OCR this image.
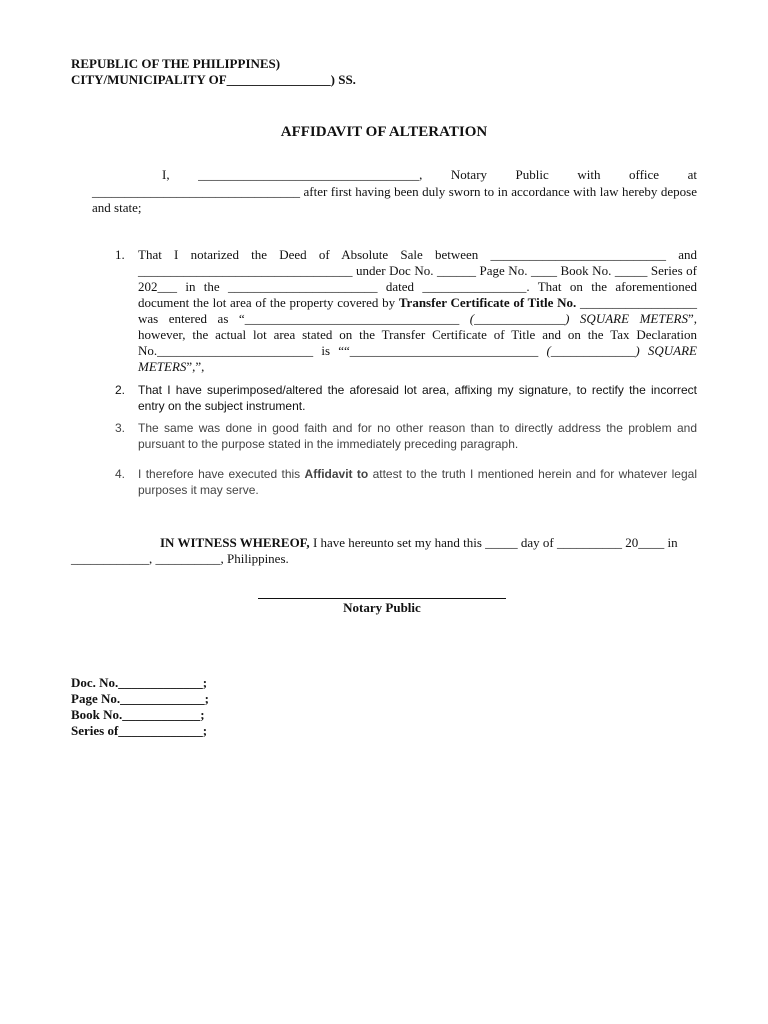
REPUBLIC OF THE PHILIPPINES)
CITY/MUNICIPALITY OF________________) SS.
AFFIDAVIT OF ALTERATION
I, __________________________________, Notary Public with office at ________________________________ after first having been duly sworn to in accordance with law hereby depose and state;
1. That I notarized the Deed of Absolute Sale between ___________________________ and _________________________________ under Doc No. ______ Page No. ____ Book No. _____ Series of 202___ in the _______________________ dated ________________. That on the aforementioned document the lot area of the property covered by Transfer Certificate of Title No. __________________ was entered as “_________________________________ (______________) SQUARE METERS”, however, the actual lot area stated on the Transfer Certificate of Title and on the Tax Declaration No.________________________ is ““_____________________________ (_____________) SQUARE METERS”,”,
2. That I have superimposed/altered the aforesaid lot area, affixing my signature, to rectify the incorrect entry on the subject instrument.
3. The same was done in good faith and for no other reason than to directly address the problem and pursuant to the purpose stated in the immediately preceding paragraph.
4. I therefore have executed this Affidavit to attest to the truth I mentioned herein and for whatever legal purposes it may serve.
IN WITNESS WHEREOF, I have hereunto set my hand this _____ day of __________ 20____ in ____________, __________, Philippines.
Notary Public
Doc. No._____________;
Page No._____________;
Book No.____________;
Series of_____________;
